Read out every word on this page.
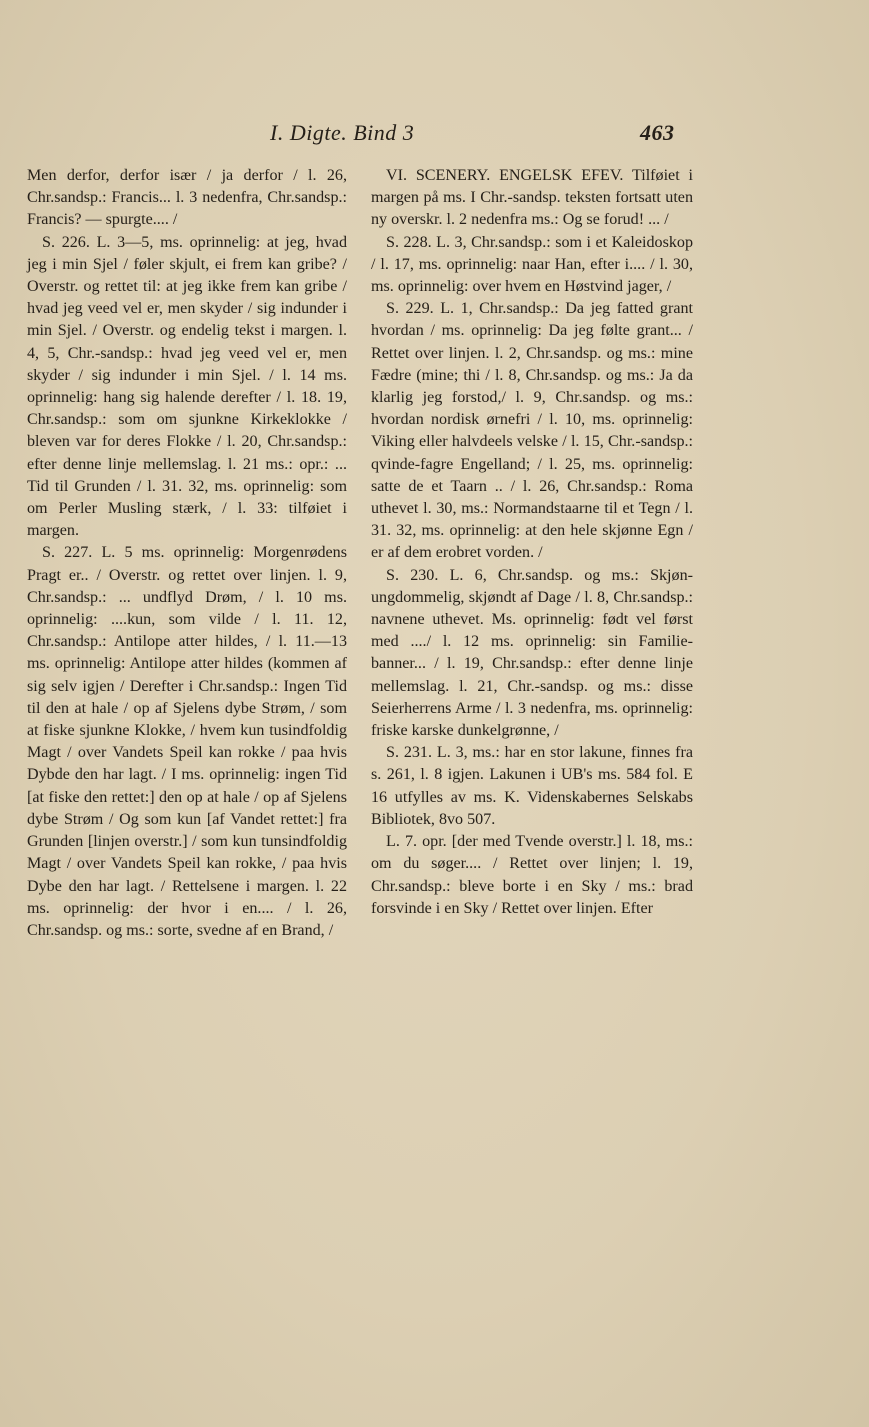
I. Digte. Bind 3	463

Men derfor, derfor især / ja derfor / l. 26, Chr.sandsp.: Francis... l. 3 nedenfra, Chr.sandsp.: Francis? — spurgte.... /

S. 226. L. 3—5, ms. oprinnelig: at jeg, hvad jeg i min Sjel / føler skjult, ei frem kan gribe? / Overstr. og rettet til: at jeg ikke frem kan gribe / hvad jeg veed vel er, men skyder / sig indunder i min Sjel. / Overstr. og endelig tekst i margen. l. 4, 5, Chr.-sandsp.: hvad jeg veed vel er, men skyder / sig indunder i min Sjel. / l. 14 ms. oprinnelig: hang sig halende derefter / l. 18. 19, Chr.sandsp.: som om sjunkne Kirkeklokke / bleven var for deres Flokke / l. 20, Chr.sandsp.: efter denne linje mellemslag. l. 21 ms.: opr.: ... Tid til Grunden / l. 31. 32, ms. oprinnelig: som om Perler Musling stærk, / l. 33: tilføiet i margen.

S. 227. L. 5 ms. oprinnelig: Morgenrødens Pragt er.. / Overstr. og rettet over linjen. l. 9, Chr.sandsp.: ... undflyd Drøm, / l. 10 ms. oprinnelig: ....kun, som vilde / l. 11. 12, Chr.sandsp.: Antilope atter hildes, / l. 11.—13 ms. oprinnelig: Antilope atter hildes (kommen af sig selv igjen / Derefter i Chr.sandsp.: Ingen Tid til den at hale / op af Sjelens dybe Strøm, / som at fiske sjunkne Klokke, / hvem kun tusindfoldig Magt / over Vandets Speil kan rokke / paa hvis Dybde den har lagt. / I ms. oprinnelig: ingen Tid [at fiske den rettet:] den op at hale / op af Sjelens dybe Strøm / Og som kun [af Vandet rettet:] fra Grunden [linjen overstr.] / som kun tunsindfoldig Magt / over Vandets Speil kan rokke, / paa hvis Dybe den har lagt. / Rettelsene i margen. l. 22 ms. oprinnelig: der hvor i en.... / l. 26, Chr.sandsp. og ms.: sorte, svedne af en Brand, /

VI. SCENERY. ENGELSK EFEV. Tilføiet i margen på ms. I Chr.-sandsp. teksten fortsatt uten ny overskr. l. 2 nedenfra ms.: Og se forud! ... /

S. 228. L. 3, Chr.sandsp.: som i et Kaleidoskop / l. 17, ms. oprinnelig: naar Han, efter i.... / l. 30, ms. oprinnelig: over hvem en Høstvind jager, /

S. 229. L. 1, Chr.sandsp.: Da jeg fatted grant hvordan / ms. oprinnelig: Da jeg følte grant... / Rettet over linjen. l. 2, Chr.sandsp. og ms.: mine Fædre (mine; thi / l. 8, Chr.sandsp. og ms.: Ja da klarlig jeg forstod,/ l. 9, Chr.sandsp. og ms.: hvordan nordisk ørnefri / l. 10, ms. oprinnelig: Viking eller halvdeels velske / l. 15, Chr.-sandsp.: qvinde-fagre Engelland; / l. 25, ms. oprinnelig: satte de et Taarn .. / l. 26, Chr.sandsp.: Roma uthevet l. 30, ms.: Normandstaarne til et Tegn / l. 31. 32, ms. oprinnelig: at den hele skjønne Egn / er af dem erobret vorden. /

S. 230. L. 6, Chr.sandsp. og ms.: Skjøn-ungdommelig, skjøndt af Dage / l. 8, Chr.sandsp.: navnene uthevet. Ms. oprinnelig: født vel først med ..../ l. 12 ms. oprinnelig: sin Familie-banner... / l. 19, Chr.sandsp.: efter denne linje mellemslag. l. 21, Chr.-sandsp. og ms.: disse Seierherrens Arme / l. 3 nedenfra, ms. oprinnelig: friske karske dunkelgrønne, /

S. 231. L. 3, ms.: har en stor lakune, finnes fra s. 261, l. 8 igjen. Lakunen i UB's ms. 584 fol. E 16 utfylles av ms. K. Videnskabernes Selskabs Bibliotek, 8vo 507.

L. 7. opr. [der med Tvende overstr.] l. 18, ms.: om du søger.... / Rettet over linjen; l. 19, Chr.sandsp.: bleve borte i en Sky / ms.: brad forsvinde i en Sky / Rettet over linjen. Efter
